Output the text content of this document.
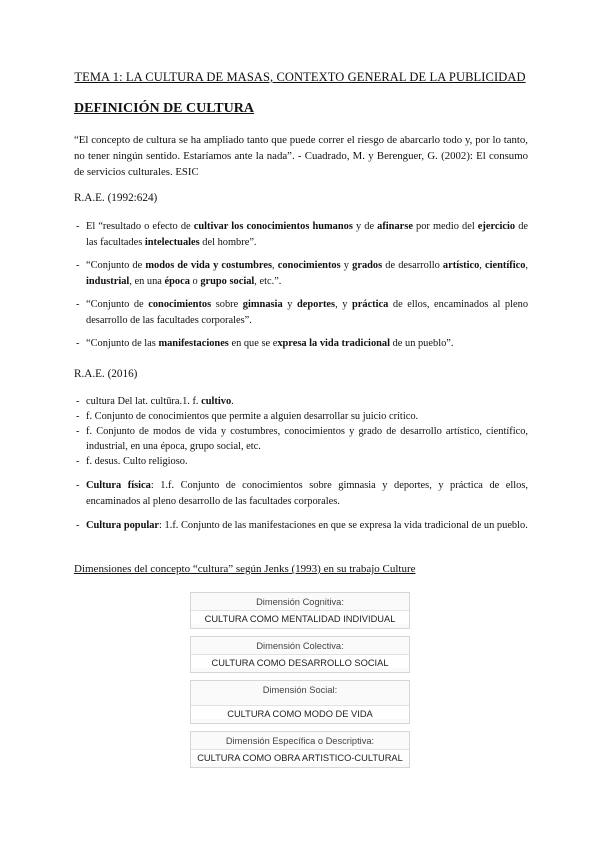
TEMA 1: LA CULTURA DE MASAS, CONTEXTO GENERAL DE LA PUBLICIDAD
DEFINICIÓN DE CULTURA
“El concepto de cultura se ha ampliado tanto que puede correr el riesgo de abarcarlo todo y, por lo tanto, no tener ningún sentido. Estaríamos ante la nada”. - Cuadrado, M. y Berenguer, G. (2002): El consumo de servicios culturales. ESIC
R.A.E. (1992:624)
- El “resultado o efecto de cultivar los conocimientos humanos y de afinarse por medio del ejercicio de las facultades intelectuales del hombre”.
- “Conjunto de modos de vida y costumbres, conocimientos y grados de desarrollo artístico, científico, industrial, en una época o grupo social, etc.”.
- “Conjunto de conocimientos sobre gimnasia y deportes, y práctica de ellos, encaminados al pleno desarrollo de las facultades corporales”.
- “Conjunto de las manifestaciones en que se expresa la vida tradicional de un pueblo”.
R.A.E. (2016)
- cultura Del lat. cultūra.1. f. cultivo.
- f. Conjunto de conocimientos que permite a alguien desarrollar su juicio crítico.
- f. Conjunto de modos de vida y costumbres, conocimientos y grado de desarrollo artístico, científico, industrial, en una época, grupo social, etc.
- f. desus. Culto religioso.
- Cultura física: 1.f. Conjunto de conocimientos sobre gimnasia y deportes, y práctica de ellos, encaminados al pleno desarrollo de las facultades corporales.
- Cultura popular: 1.f. Conjunto de las manifestaciones en que se expresa la vida tradicional de un pueblo.
Dimensiones del concepto “cultura” según Jenks (1993) en su trabajo Culture
Dimensión Cognitiva:
CULTURA COMO MENTALIDAD INDIVIDUAL
Dimensión Colectiva:
CULTURA COMO DESARROLLO SOCIAL
Dimensión Social:
CULTURA COMO MODO DE VIDA
Dimensión Específica o Descriptiva:
CULTURA COMO OBRA ARTISTICO-CULTURAL
